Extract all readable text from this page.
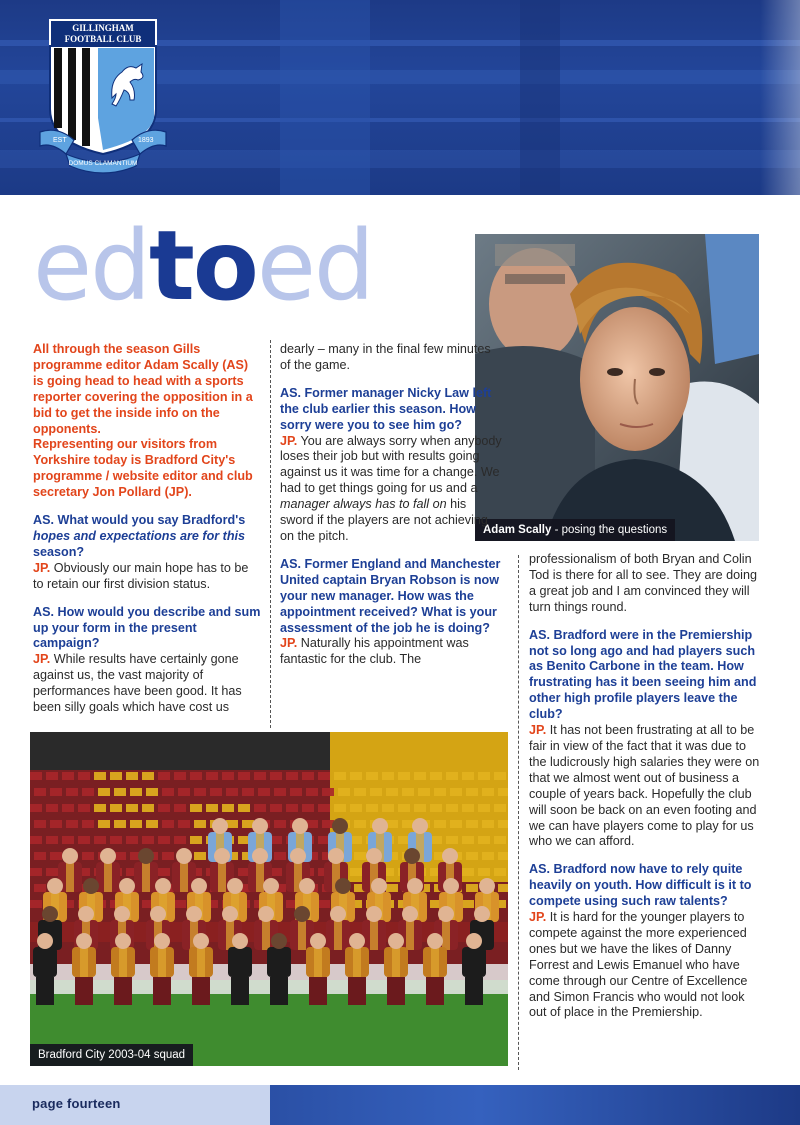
GILLINGHAM
FOOTBALL CLUB
EST	1893
DOMUS CLAMANTIUM
edtoed
Adam Scally - posing the questions

All through the season Gills programme editor Adam Scally (AS) is going head to head with a sports reporter covering the opposition in a bid to get the inside info on the opponents.

Representing our visitors from Yorkshire today is Bradford City's programme / website editor and club secretary Jon Pollard (JP).

AS. What would you say Bradford's hopes and expectations are for this season?

JP. Obviously our main hope has to be to retain our first division status.

AS. How would you describe and sum up your form in the present campaign?

JP. While results have certainly gone against us, the vast majority of performances have been good. It has been silly goals which have cost us

dearly – many in the final few minutes of the game.

AS. Former manager Nicky Law left the club earlier this season. How sorry were you to see him go?

JP. You are always sorry when anybody loses their job but with results going against us it was time for a change. We had to get things going for us and a manager always has to fall on his sword if the players are not achieving on the pitch.

AS. Former England and Manchester United captain Bryan Robson is now your new manager. How was the appointment received? What is your assessment of the job he is doing?

JP. Naturally his appointment was fantastic for the club. The

Bradford City 2003-04 squad

professionalism of both Bryan and Colin Tod is there for all to see. They are doing a great job and I am convinced they will turn things round.

AS. Bradford were in the Premiership not so long ago and had players such as Benito Carbone in the team. How frustrating has it been seeing him and other high profile players leave the club?

JP. It has not been frustrating at all to be fair in view of the fact that it was due to the ludicrously high salaries they were on that we almost went out of business a couple of years back. Hopefully the club will soon be back on an even footing and we can have players come to play for us who we can afford.

AS. Bradford now have to rely quite heavily on youth. How difficult is it to compete using such raw talents?

JP. It is hard for the younger players to compete against the more experienced ones but we have the likes of Danny Forrest and Lewis Emanuel who have come through our Centre of Excellence and Simon Francis who would not look out of place in the Premiership.

page fourteen
